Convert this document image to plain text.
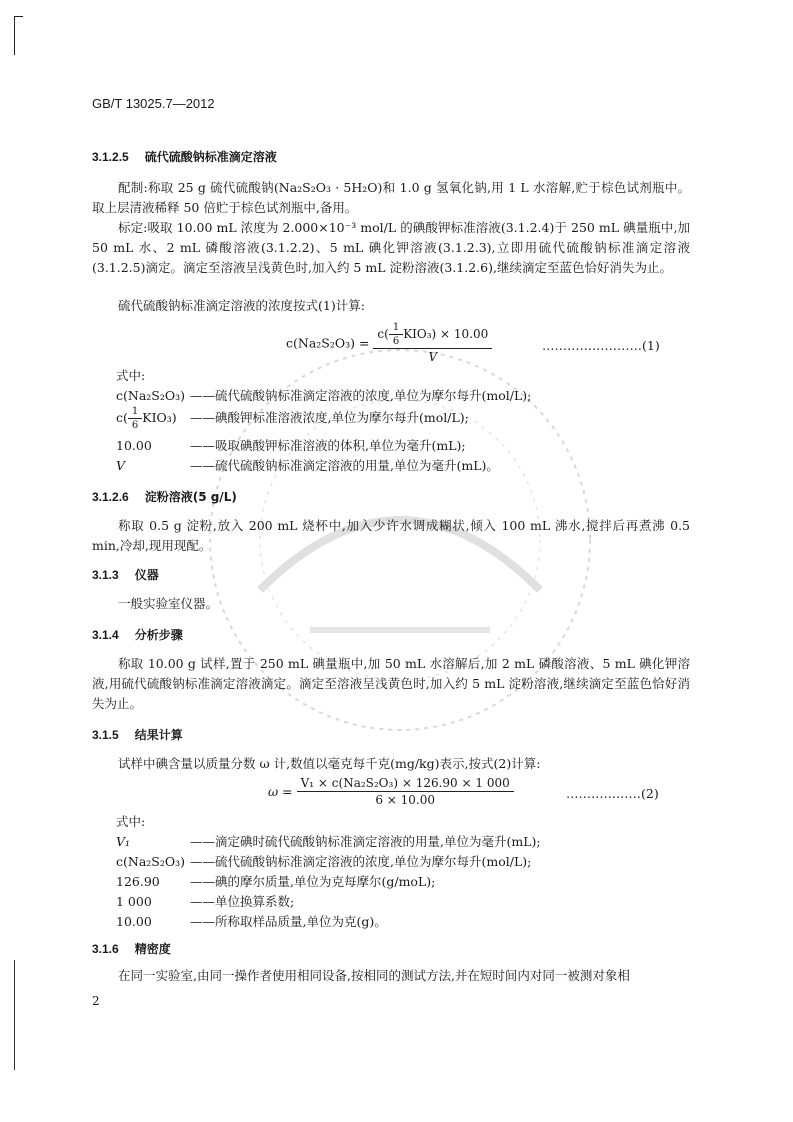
GB/T 13025.7—2012
3.1.2.5 硫代硫酸钠标准滴定溶液
配制:称取 25 g 硫代硫酸钠(Na₂S₂O₃ · 5H₂O)和 1.0 g 氢氧化钠,用 1 L 水溶解,贮于棕色试剂瓶中。取上层清液稀释 50 倍贮于棕色试剂瓶中,备用。
标定:吸取 10.00 mL 浓度为 2.000×10⁻³ mol/L 的碘酸钾标准溶液(3.1.2.4)于 250 mL 碘量瓶中,加 50 mL 水、2 mL 磷酸溶液(3.1.2.2)、5 mL 碘化钾溶液(3.1.2.3),立即用硫代硫酸钠标准滴定溶液(3.1.2.5)滴定。滴定至溶液呈浅黄色时,加入约 5 mL 淀粉溶液(3.1.2.6),继续滴定至蓝色恰好消失为止。
硫代硫酸钠标准滴定溶液的浓度按式(1)计算:
c(Na₂S₂O₃) =
$c( \frac{1}{6} KIO_3) \times 10.00$
V
……………………(1)
式中:
c(Na₂S₂O₃) ——硫代硫酸钠标准滴定溶液的浓度,单位为摩尔每升(mol/L);
$c( \frac{1}{6} KIO_3)$ ——碘酸钾标准溶液浓度,单位为摩尔每升(mol/L);
10.00	——吸取碘酸钾标准溶液的体积,单位为毫升(mL);
V	——硫代硫酸钠标准滴定溶液的用量,单位为毫升(mL)。
3.1.2.6 淀粉溶液(5 g/L)
称取 0.5 g 淀粉,放入 200 mL 烧杯中,加入少许水调成糊状,倾入 100 mL 沸水,搅拌后再煮沸 0.5 min,冷却,现用现配。
3.1.3 仪器
一般实验室仪器。
3.1.4 分析步骤
称取 10.00 g 试样,置于 250 mL 碘量瓶中,加 50 mL 水溶解后,加 2 mL 磷酸溶液、5 mL 碘化钾溶液,用硫代硫酸钠标准滴定溶液滴定。滴定至溶液呈浅黄色时,加入约 5 mL 淀粉溶液,继续滴定至蓝色恰好消失为止。
3.1.5 结果计算
试样中碘含量以质量分数 ω 计,数值以毫克每千克(mg/kg)表示,按式(2)计算:
$\omega = \frac{\text{V₁ × c(Na₂S₂O₃) × 126.90 × 1 000}}{6 \times 10.00}$	………………(2)
式中:
V₁	——滴定碘时硫代硫酸钠标准滴定溶液的用量,单位为毫升(mL);
c(Na₂S₂O₃) ——硫代硫酸钠标准滴定溶液的浓度,单位为摩尔每升(mol/L);
126.90 ——碘的摩尔质量,单位为克每摩尔(g/moL);
1 000	——单位换算系数;
10.00	——所称取样品质量,单位为克(g)。
3.1.6 精密度
在同一实验室,由同一操作者使用相同设备,按相同的测试方法,并在短时间内对同一被测对象相
2
